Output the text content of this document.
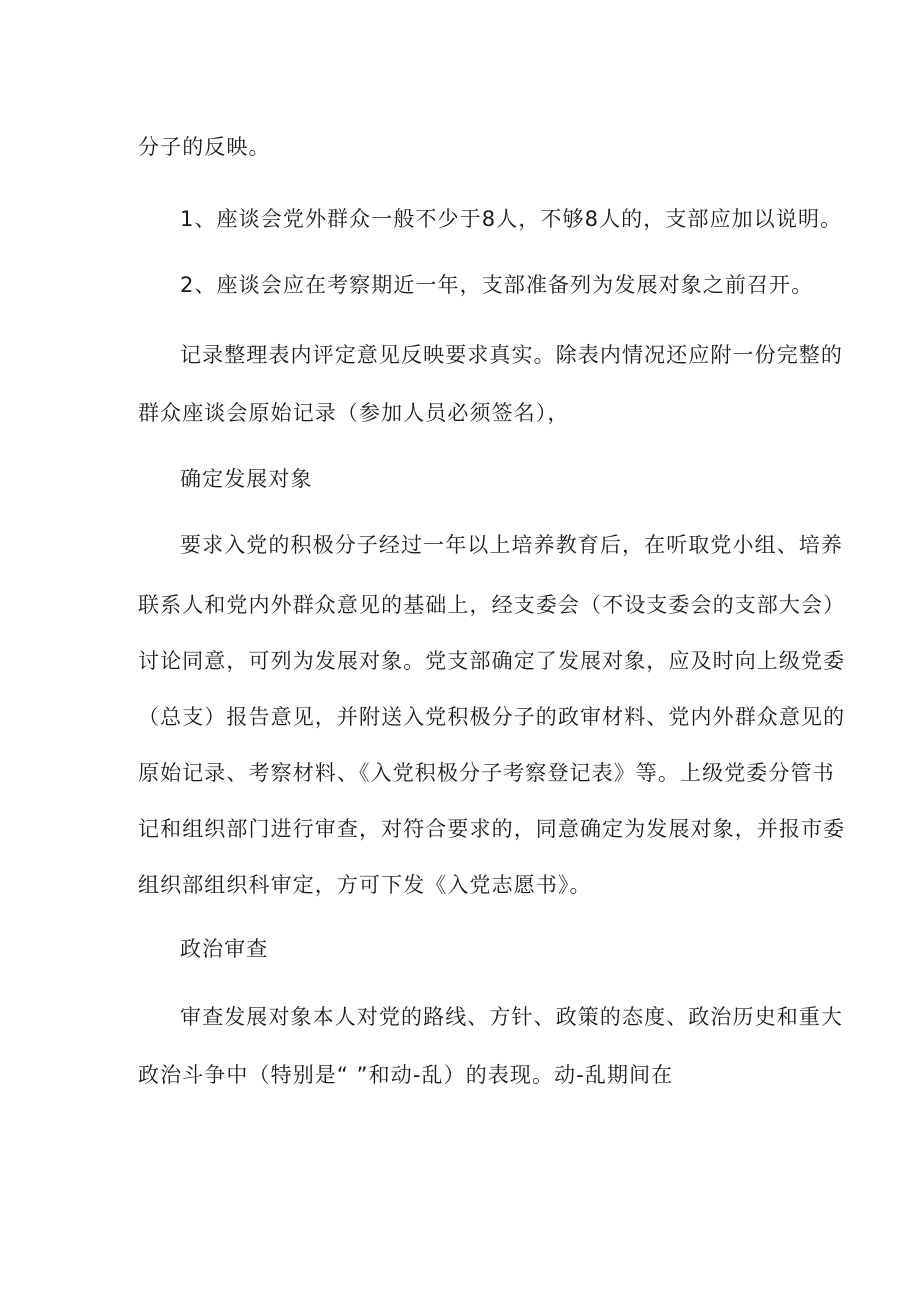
分子的反映。
1、座谈会党外群众一般不少于8人，不够8人的，支部应加以说明。
2、座谈会应在考察期近一年，支部准备列为发展对象之前召开。
记录整理表内评定意见反映要求真实。除表内情况还应附一份完整的
群众座谈会原始记录（参加人员必须签名），
确定发展对象
要求入党的积极分子经过一年以上培养教育后，在听取党小组、培养
联系人和党内外群众意见的基础上，经支委会（不设支委会的支部大会）
讨论同意，可列为发展对象。党支部确定了发展对象，应及时向上级党委
（总支）报告意见，并附送入党积极分子的政审材料、党内外群众意见的
原始记录、考察材料、《入党积极分子考察登记表》等。上级党委分管书
记和组织部门进行审查，对符合要求的，同意确定为发展对象，并报市委
组织部组织科审定，方可下发《入党志愿书》。
政治审查
审查发展对象本人对党的路线、方针、政策的态度、政治历史和重大
政治斗争中（特别是“ ”和动-乱）的表现。动-乱期间在
